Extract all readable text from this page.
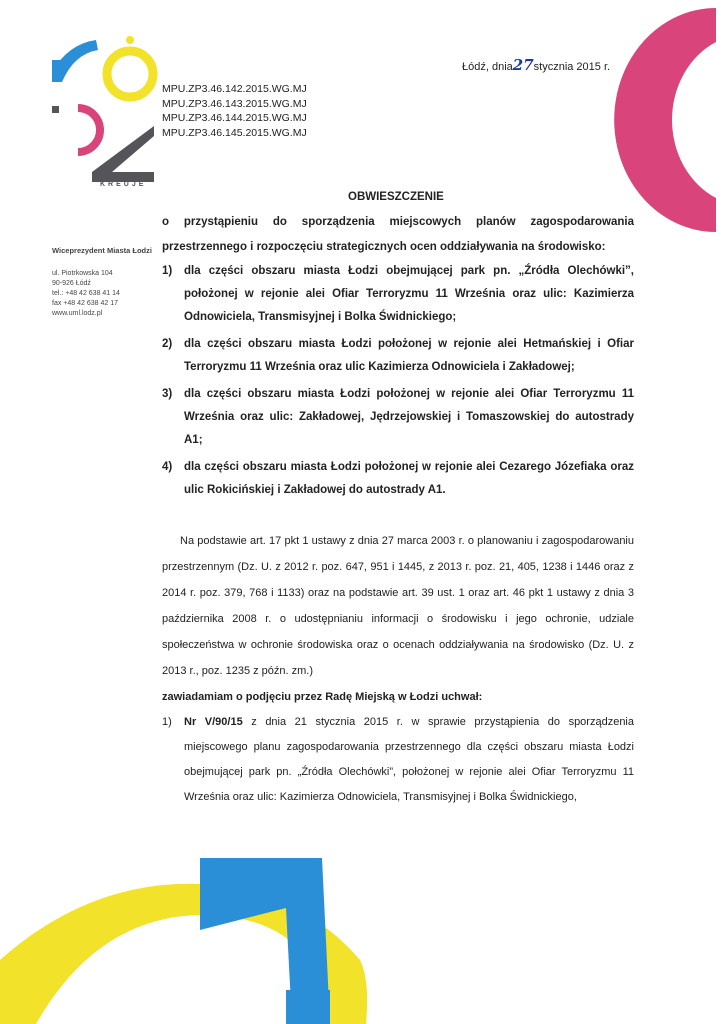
KREUJE
Łódź, dnia27stycznia 2015 r.
MPU.ZP3.46.142.2015.WG.MJ
MPU.ZP3.46.143.2015.WG.MJ
MPU.ZP3.46.144.2015.WG.MJ
MPU.ZP3.46.145.2015.WG.MJ
Wiceprezydent Miasta Łodzi
ul. Piotrkowska 104
90-926 Łódź
tel.: +48 42 638 41 14
fax +48 42 638 42 17
www.uml.lodz.pl
OBWIESZCZENIE
o przystąpieniu do sporządzenia miejscowych planów zagospodarowania przestrzennego i rozpoczęciu strategicznych ocen oddziaływania na środowisko:
1) dla części obszaru miasta Łodzi obejmującej park pn. „Źródła Olechówki”, położonej w rejonie alei Ofiar Terroryzmu 11 Września oraz ulic: Kazimierza Odnowiciela, Transmisyjnej i Bolka Świdnickiego;
2) dla części obszaru miasta Łodzi położonej w rejonie alei Hetmańskiej i Ofiar Terroryzmu 11 Września oraz ulic Kazimierza Odnowiciela i Zakładowej;
3) dla części obszaru miasta Łodzi położonej w rejonie alei Ofiar Terroryzmu 11 Września oraz ulic: Zakładowej, Jędrzejowskiej i Tomaszowskiej do autostrady A1;
4) dla części obszaru miasta Łodzi położonej w rejonie alei Cezarego Józefiaka oraz ulic Rokicińskiej i Zakładowej do autostrady A1.
Na podstawie art. 17 pkt 1 ustawy z dnia 27 marca 2003 r. o planowaniu i zagospodarowaniu przestrzennym (Dz. U. z 2012 r. poz. 647, 951 i 1445, z 2013 r. poz. 21, 405, 1238 i 1446 oraz z 2014 r. poz. 379, 768 i 1133) oraz na podstawie art. 39 ust. 1 oraz art. 46 pkt 1 ustawy z dnia 3 października 2008 r. o udostępnianiu informacji o środowisku i jego ochronie, udziale społeczeństwa w ochronie środowiska oraz o ocenach oddziaływania na środowisko (Dz. U. z 2013 r., poz. 1235 z późn. zm.)
zawiadamiam o podjęciu przez Radę Miejską w Łodzi uchwał:
1) Nr V/90/15 z dnia 21 stycznia 2015 r. w sprawie przystąpienia do sporządzenia miejscowego planu zagospodarowania przestrzennego dla części obszaru miasta Łodzi obejmującej park pn. „Źródła Olechówki”, położonej w rejonie alei Ofiar Terroryzmu 11 Września oraz ulic: Kazimierza Odnowiciela, Transmisyjnej i Bolka Świdnickiego,
